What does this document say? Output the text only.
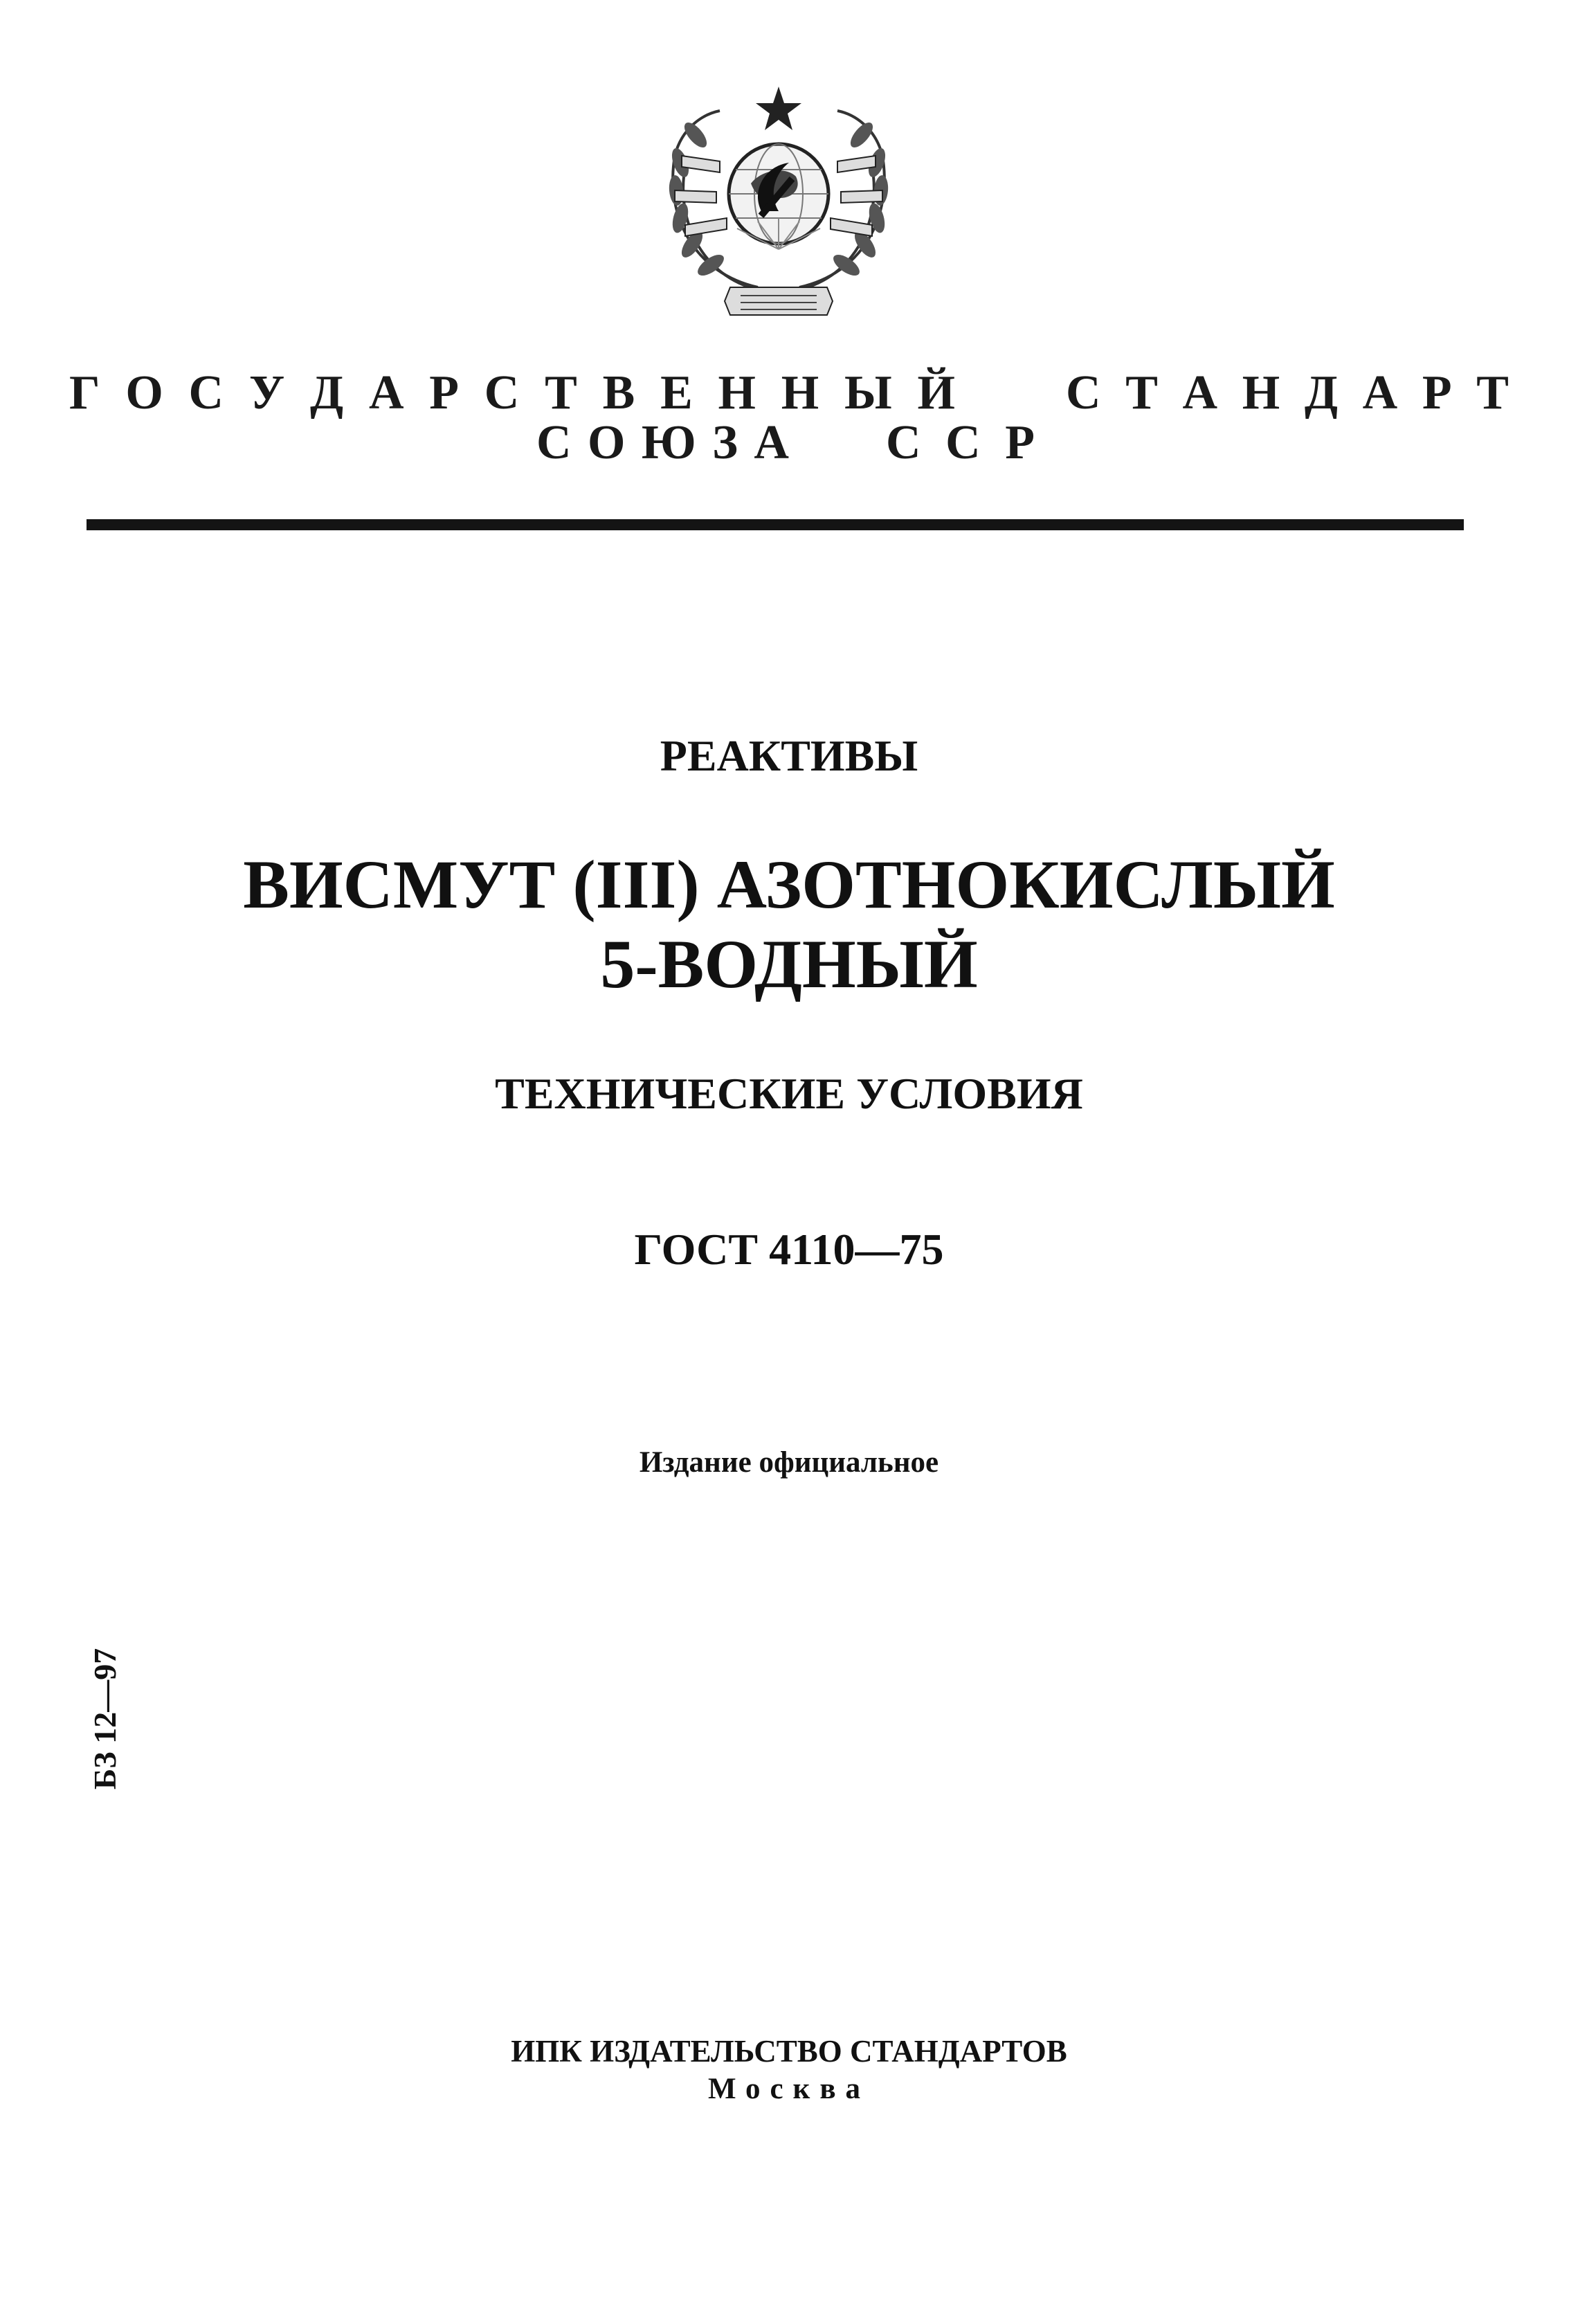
Г О С У Д А Р С Т В Е Н Н Ы Й С Т А Н Д А Р Т
С О Ю З А С С Р
РЕАКТИВЫ
ВИСМУТ (III) АЗОТНОКИСЛЫЙ
5-ВОДНЫЙ
ТЕХНИЧЕСКИЕ УСЛОВИЯ
ГОСТ 4110—75

Издание официальное

БЗ 12—97

ИПК ИЗДАТЕЛЬСТВО СТАНДАРТОВ

Москва
